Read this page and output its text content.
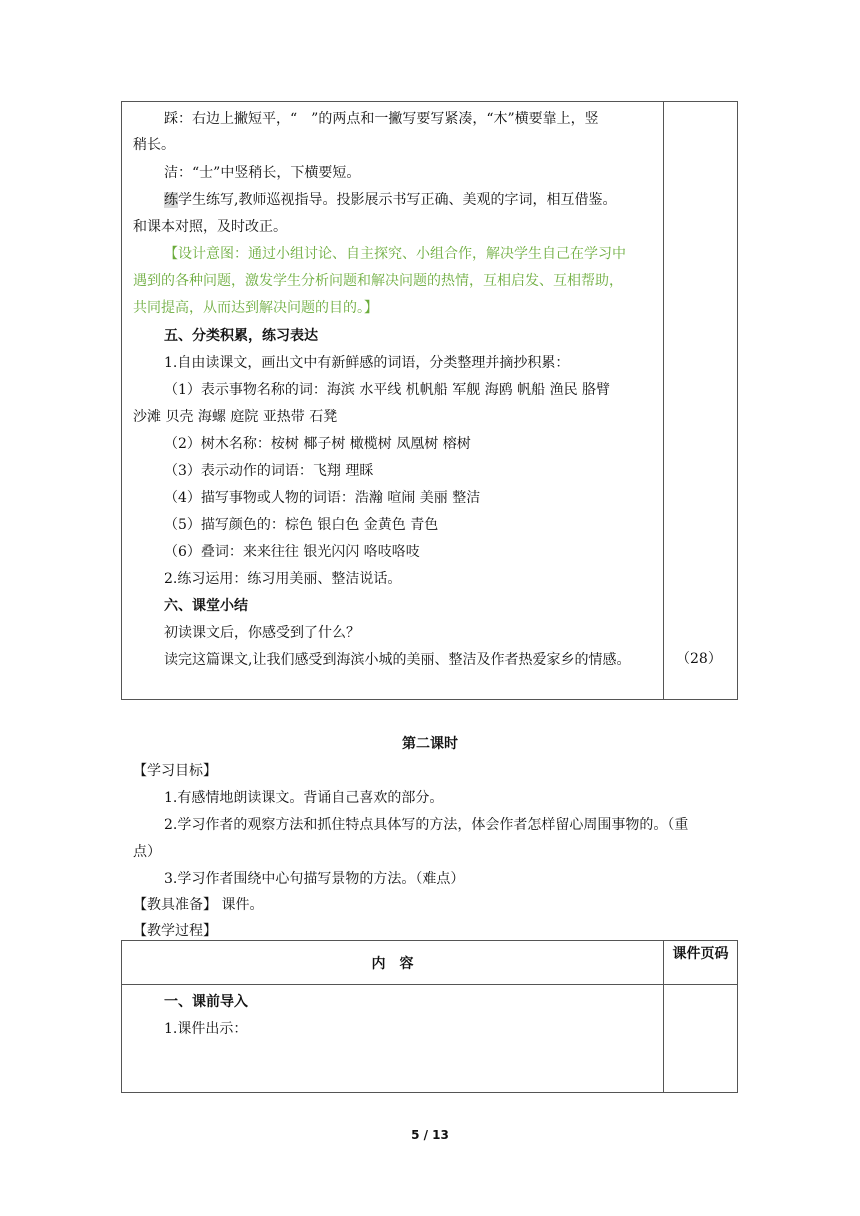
踩：右边上撇短平，“　”的两点和一撇写要写紧凑，“木”横要靠上，竖
稍长。
洁：“士”中竖稍长，下横要短。
练学生练写,教师巡视指导。投影展示书写正确、美观的字词，相互借鉴。
和课本对照，及时改正。
【设计意图：通过小组讨论、自主探究、小组合作，解决学生自己在学习中
遇到的各种问题，激发学生分析问题和解决问题的热情，互相启发、互相帮助，
共同提高，从而达到解决问题的目的。】
五、分类积累，练习表达
1.自由读课文，画出文中有新鲜感的词语，分类整理并摘抄积累：
（1）表示事物名称的词：海滨 水平线 机帆船 军舰 海鸥 帆船 渔民 胳臂
沙滩 贝壳 海螺 庭院 亚热带 石凳
（2）树木名称：桉树 椰子树 橄榄树 凤凰树 榕树
（3）表示动作的词语：飞翔 理睬
（4）描写事物或人物的词语：浩瀚 喧闹 美丽 整洁
（5）描写颜色的：棕色 银白色 金黄色 青色
（6）叠词：来来往往 银光闪闪 咯吱咯吱
2.练习运用：练习用美丽、整洁说话。
六、课堂小结
初读课文后，你感受到了什么？
读完这篇课文,让我们感受到海滨小城的美丽、整洁及作者热爱家乡的情感。	（28）
第二课时
【学习目标】
1.有感情地朗读课文。背诵自己喜欢的部分。
2.学习作者的观察方法和抓住特点具体写的方法，体会作者怎样留心周围事物的。（重
点）
3.学习作者围绕中心句描写景物的方法。（难点）
【教具准备】 课件。
【教学过程】
内　容
课件页码
一、课前导入
1.课件出示：
5 / 13
